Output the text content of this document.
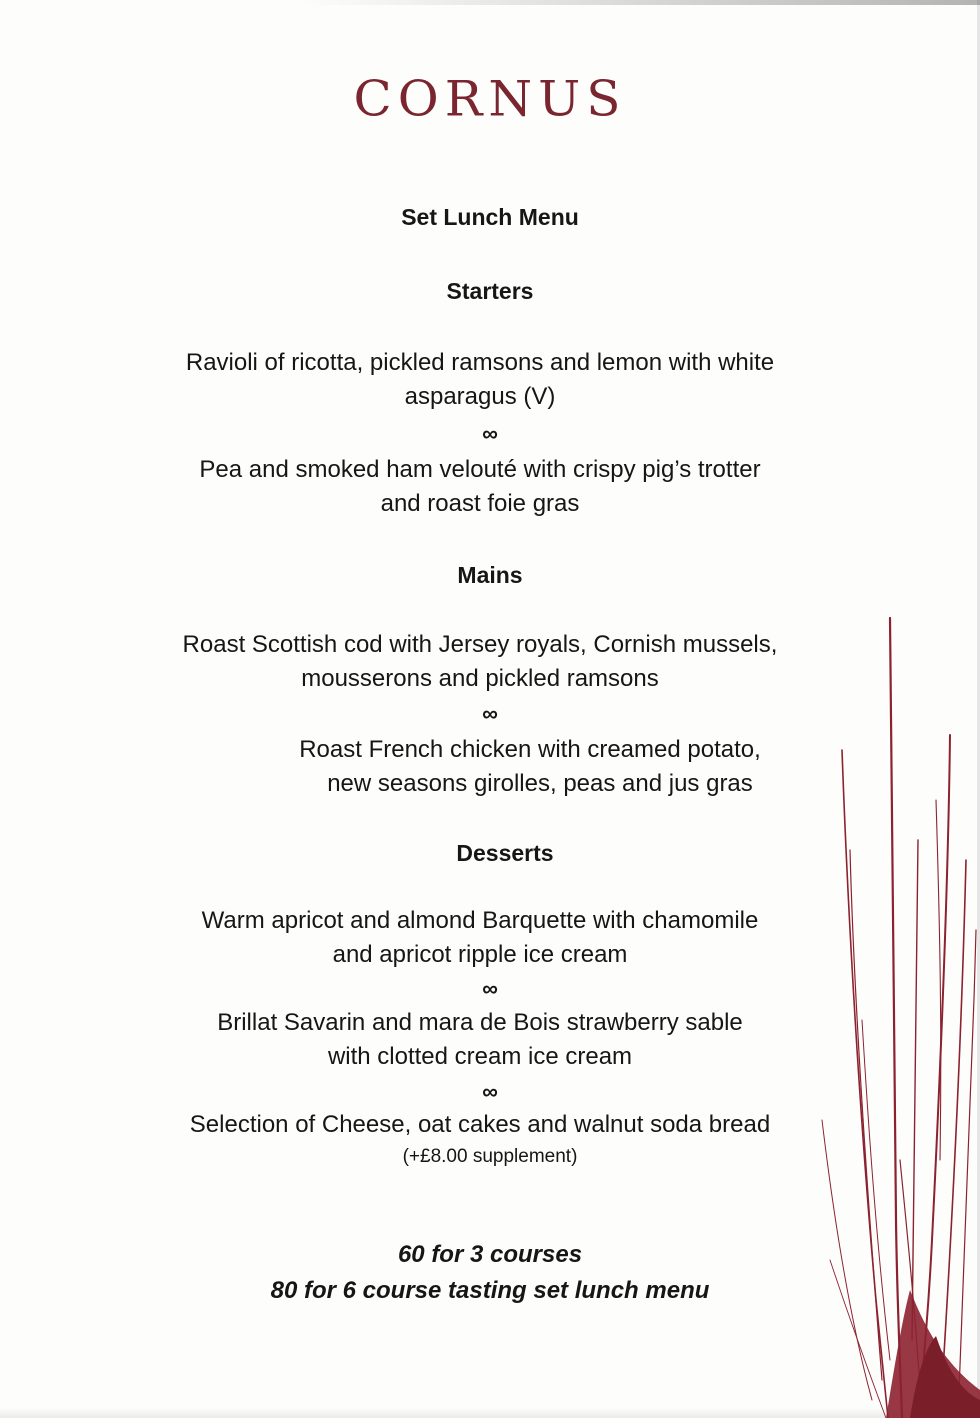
CORNUS
Set Lunch Menu
Starters
Ravioli of ricotta, pickled ramsons and lemon with white
asparagus (V)
∞
Pea and smoked ham velouté with crispy pig’s trotter
and roast foie gras
Mains
Roast Scottish cod with Jersey royals, Cornish mussels,
mousserons and pickled ramsons
∞
Roast French chicken with creamed potato,
new seasons girolles, peas and jus gras
Desserts
Warm apricot and almond Barquette with chamomile
and apricot ripple ice cream
∞
Brillat Savarin and mara de Bois strawberry sable
with clotted cream ice cream
∞
Selection of Cheese, oat cakes and walnut soda bread
(+£8.00 supplement)
60 for 3 courses
80 for 6 course tasting set lunch menu
